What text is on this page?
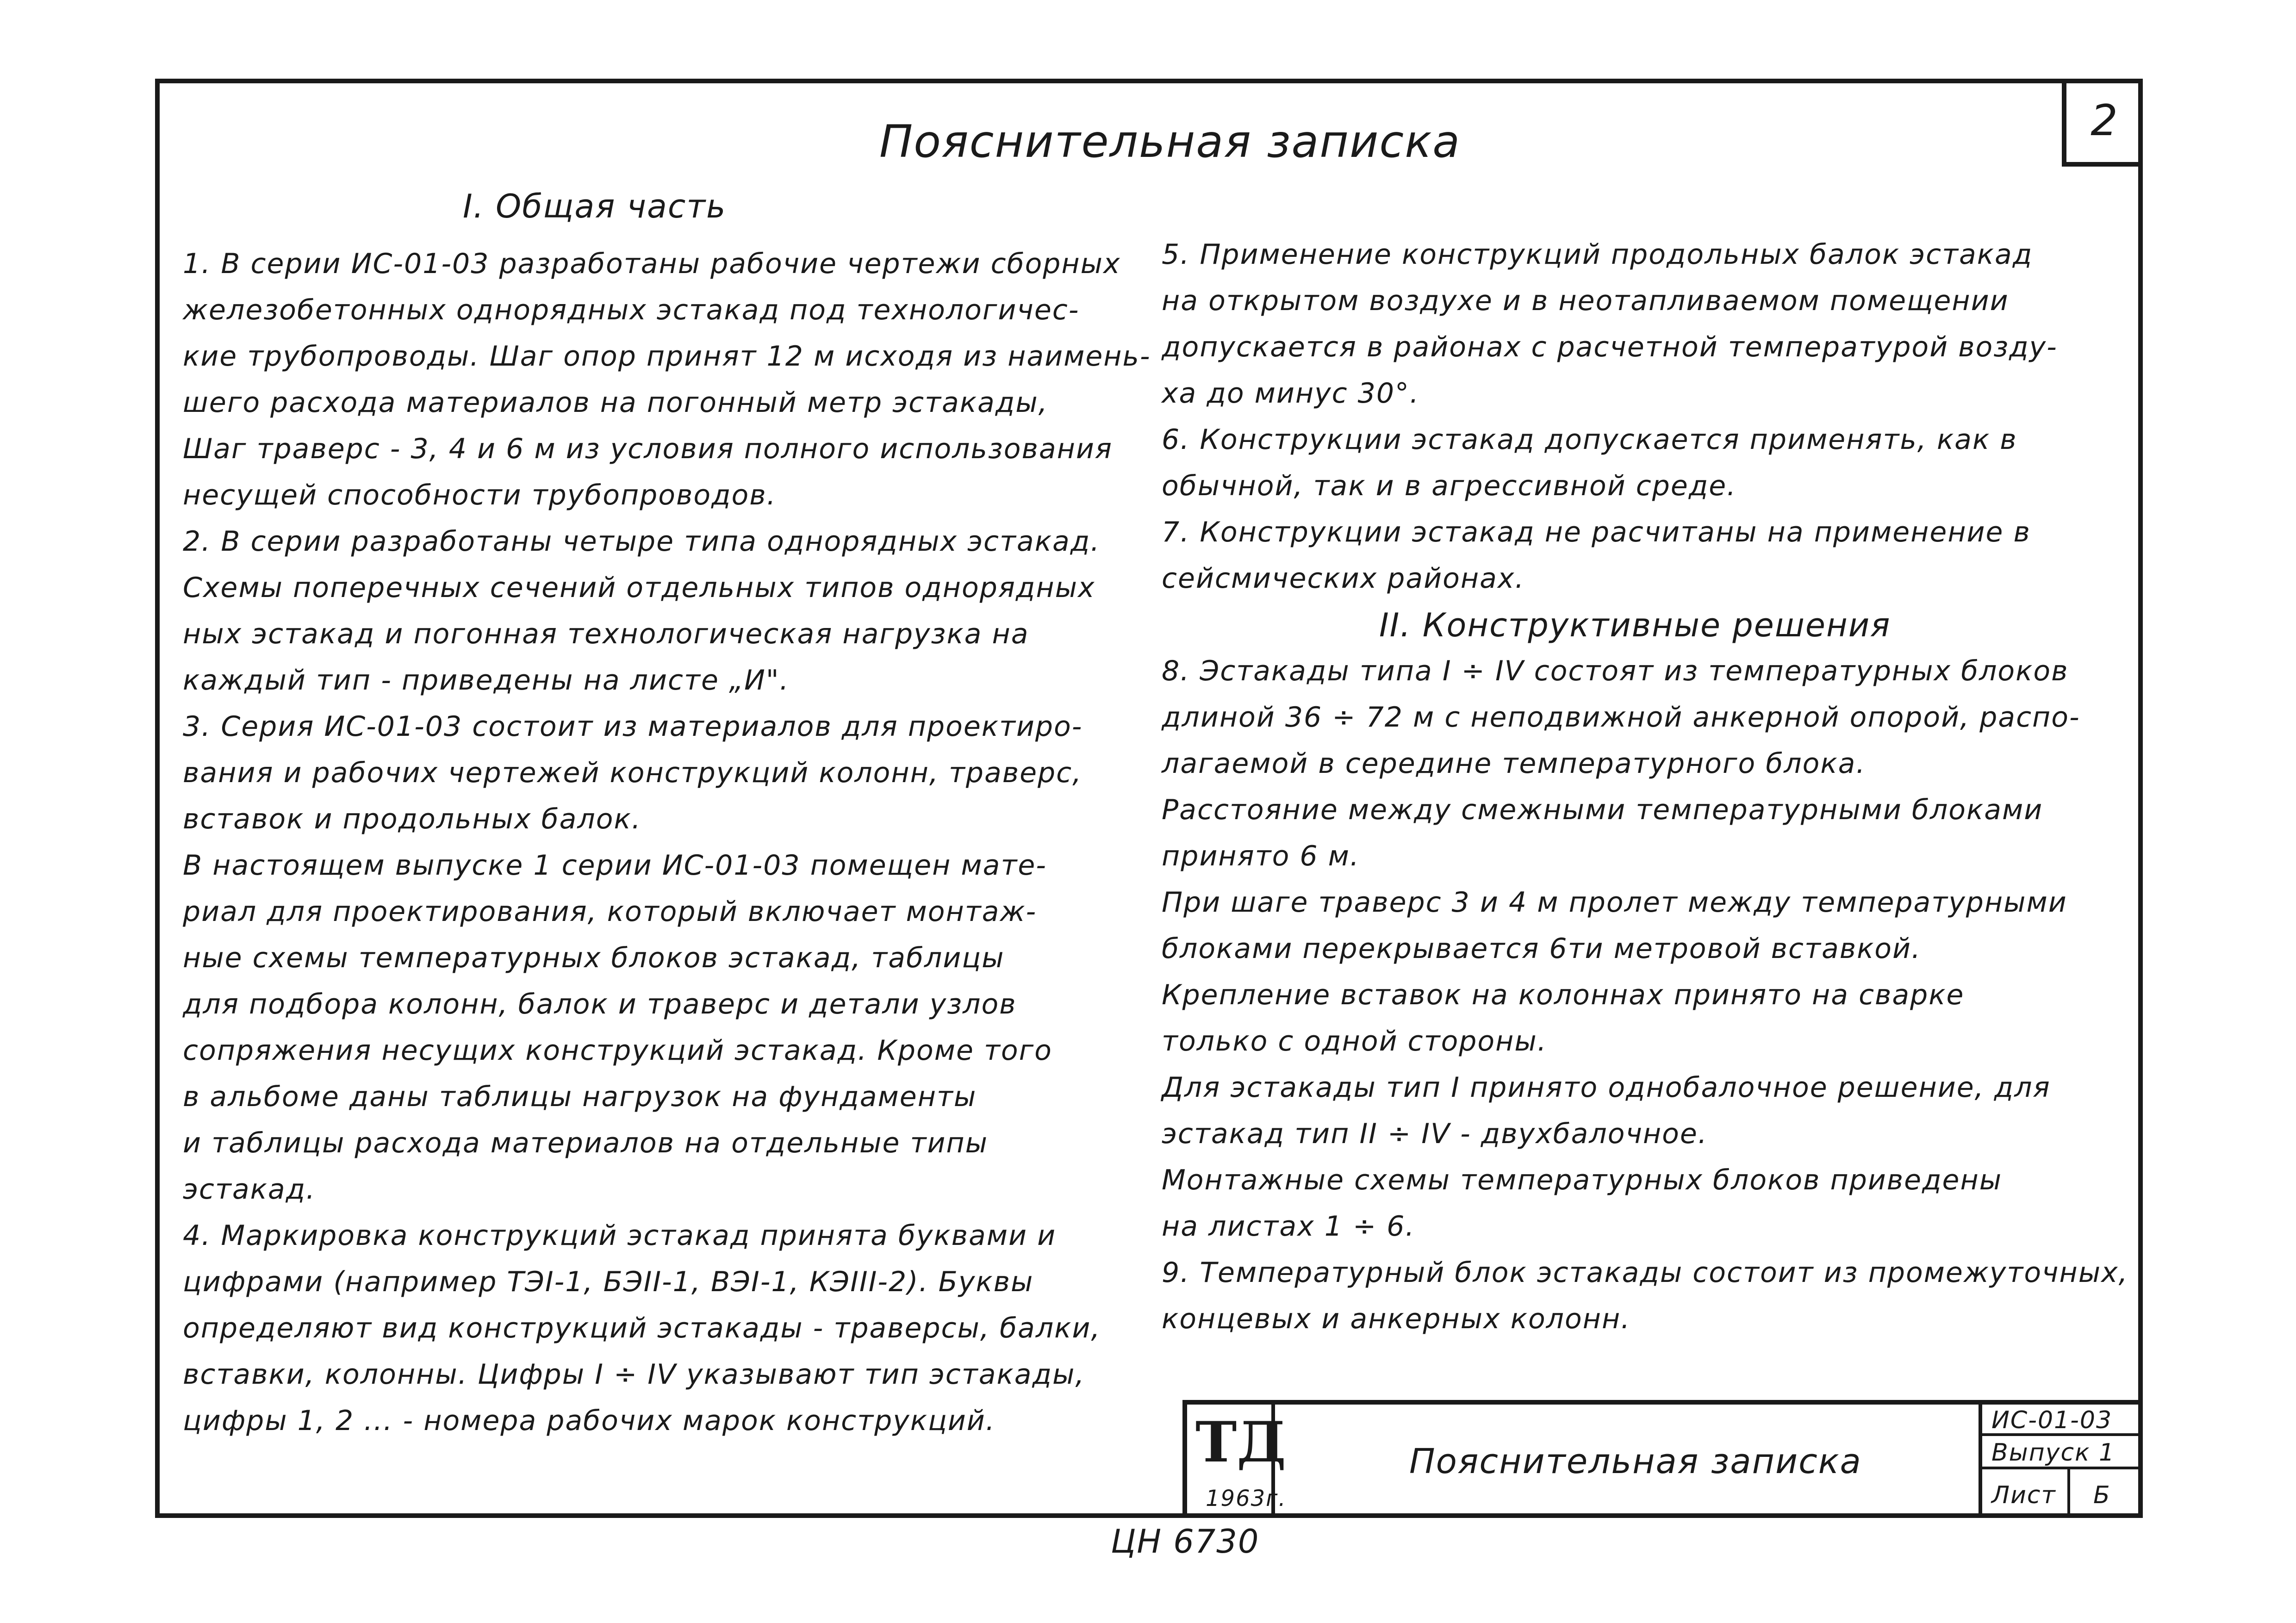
2
Пояснительная записка
I. Общая часть
II. Конструктивные решения
1. В серии ИС-01-03 разработаны рабочие чертежи сборных
железобетонных однорядных эстакад под технологичес-
кие трубопроводы. Шаг опор принят 12 м исходя из наимень-
шего расхода материалов на погонный метр эстакады,
Шаг траверс - 3, 4 и 6 м из условия полного использования
несущей способности трубопроводов.
2. В серии разработаны четыре типа однорядных эстакад.
Схемы поперечных сечений отдельных типов однорядных
ных эстакад и погонная технологическая нагрузка на
каждый тип - приведены на листе „И".
3. Серия ИС-01-03 состоит из материалов для проектиро-
вания и рабочих чертежей конструкций колонн, траверс,
вставок и продольных балок.
В настоящем выпуске 1 серии ИС-01-03 помещен мате-
риал для проектирования, который включает монтаж-
ные схемы температурных блоков эстакад, таблицы
для подбора колонн, балок и траверс и детали узлов
сопряжения несущих конструкций эстакад. Кроме того
в альбоме даны таблицы нагрузок на фундаменты
и таблицы расхода материалов на отдельные типы
эстакад.
4. Маркировка конструкций эстакад принята буквами и
цифрами (например ТЭI-1, БЭII-1, ВЭI-1, КЭIII-2). Буквы
определяют вид конструкций эстакады - траверсы, балки,
вставки, колонны. Цифры I ÷ IV указывают тип эстакады,
цифры 1, 2 ... - номера рабочих марок конструкций.
5. Применение конструкций продольных балок эстакад
на открытом воздухе и в неотапливаемом помещении
допускается в районах с расчетной температурой возду-
ха до минус 30°.
6. Конструкции эстакад допускается применять, как в
обычной, так и в агрессивной среде.
7. Конструкции эстакад не расчитаны на применение в
сейсмических районах.
8. Эстакады типа I ÷ IV состоят из температурных блоков
длиной 36 ÷ 72 м с неподвижной анкерной опорой, распо-
лагаемой в середине температурного блока.
Расстояние между смежными температурными блоками
принято 6 м.
При шаге траверс 3 и 4 м пролет между температурными
блоками перекрывается 6ти метровой вставкой.
Крепление вставок на колоннах принято на сварке
только с одной стороны.
Для эстакады тип I принято однобалочное решение, для
эстакад тип II ÷ IV - двухбалочное.
Монтажные схемы температурных блоков приведены
на листах 1 ÷ 6.
9. Температурный блок эстакады состоит из промежуточных,
концевых и анкерных колонн.
ТД
1963г.
Пояснительная записка
ИС-01-03
Выпуск 1
Лист	Б
ЦН 6730
